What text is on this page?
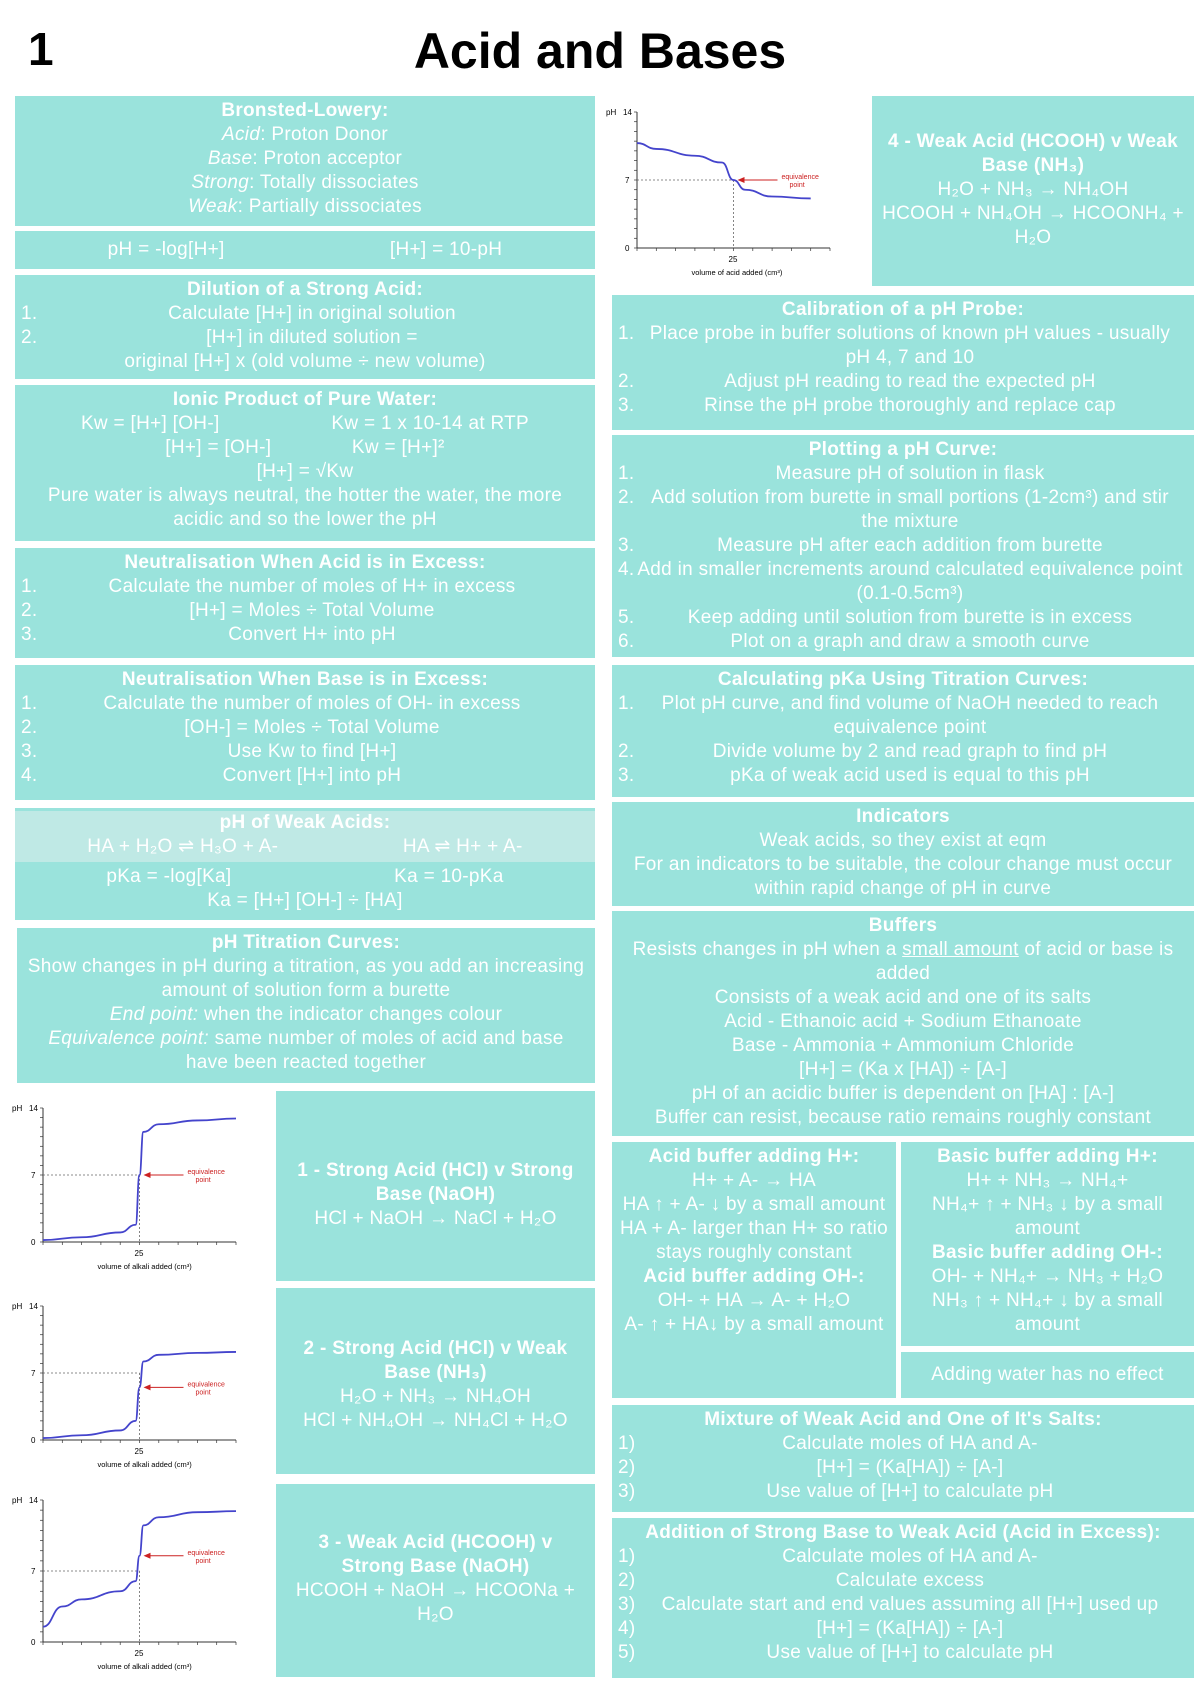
1	Acid and Bases
Bronsted-Lowery:
Acid: Proton Donor
Base: Proton acceptor
Strong: Totally dissociates
Weak: Partially dissociates
pH = -log[H+]	[H+] = 10-pH
Dilution of a Strong Acid:
1.	Calculate [H+] in original solution
2.	[H+] in diluted solution =
original [H+] x (old volume ÷ new volume)
Ionic Product of Pure Water:
Kw = [H+] [OH-]	Kw = 1 x 10-14 at RTP
[H+] = [OH-]	Kw = [H+]²
[H+] = √Kw
Pure water is always neutral, the hotter the water, the more acidic and so the lower the pH
Neutralisation When Acid is in Excess:
1.	Calculate the number of moles of H+ in excess
2.	[H+] = Moles ÷ Total Volume
3.	Convert H+ into pH
Neutralisation When Base is in Excess:
1.	Calculate the number of moles of OH- in excess
2.	[OH-] = Moles ÷ Total Volume
3.	Use Kw to find [H+]
4.	Convert [H+] into pH
pH of Weak Acids:
HA + H₂O ⇌ H₃O + A-	HA ⇌ H+ + A-
pKa = -log[Ka]	Ka = 10-pKa
Ka = [H+] [OH-] ÷ [HA]
pH Titration Curves:
Show changes in pH during a titration, as you add an increasing amount of solution form a burette
End point: when the indicator changes colour
Equivalence point: same number of moles of acid and base have been reacted together
pH 14
7
0
25
volume of alkali added (cm³)
equivalence
point
pH 14
7
0
25
volume of alkali added (cm³)
equivalence
point
pH 14
7
0
25
volume of alkali added (cm³)
equivalence
point
1 - Strong Acid (HCl) v Strong Base (NaOH)
HCl + NaOH → NaCl + H₂O
2 - Strong Acid (HCl) v Weak Base (NH₃)
H₂O + NH₃ → NH₄OH
HCl + NH₄OH → NH₄Cl + H₂O
3 - Weak Acid (HCOOH) v Strong Base (NaOH)
HCOOH + NaOH → HCOONa + H₂O
pH 14
7
0
25
volume of acid added (cm³)
equivalence
point
4 - Weak Acid (HCOOH) v Weak Base (NH₃)
H₂O + NH₃ → NH₄OH
HCOOH + NH₄OH → HCOONH₄ + H₂O
Calibration of a pH Probe:
1. Place probe in buffer solutions of known pH values - usually pH 4, 7 and 10
2.	Adjust pH reading to read the expected pH
3.	Rinse the pH probe thoroughly and replace cap
Plotting a pH Curve:
1.	Measure pH of solution in flask
2. Add solution from burette in small portions (1-2cm³) and stir the mixture
3.	Measure pH after each addition from burette
4. Add in smaller increments around calculated equivalence point (0.1-0.5cm³)
5.	Keep adding until solution from burette is in excess
6.	Plot on a graph and draw a smooth curve
Calculating pKa Using Titration Curves:
1.	Plot pH curve, and find volume of NaOH needed to reach equivalence point
2.	Divide volume by 2 and read graph to find pH
3.	pKa of weak acid used is equal to this pH
Indicators
Weak acids, so they exist at eqm
For an indicators to be suitable, the colour change must occur within rapid change of pH in curve
Buffers
Resists changes in pH when a small amount of acid or base is added
Consists of a weak acid and one of its salts
Acid - Ethanoic acid + Sodium Ethanoate
Base - Ammonia + Ammonium Chloride
[H+] = (Ka x [HA]) ÷ [A-]
pH of an acidic buffer is dependent on [HA] : [A-]
Buffer can resist, because ratio remains roughly constant
Acid buffer adding H+:
H+ + A- → HA
HA ↑ + A- ↓ by a small amount
HA + A- larger than H+ so ratio stays roughly constant
Acid buffer adding OH-:
OH- + HA → A- + H₂O
A- ↑ + HA↓ by a small amount
Basic buffer adding H+:
H+ + NH₃ → NH₄+
NH₄+ ↑ + NH₃ ↓ by a small amount
Basic buffer adding OH-:
OH- + NH₄+ → NH₃ + H₂O
NH₃ ↑ + NH₄+ ↓ by a small amount
Adding water has no effect
Mixture of Weak Acid and One of It's Salts:
1)	Calculate moles of HA and A-
2)	[H+] = (Ka[HA]) ÷ [A-]
3)	Use value of [H+] to calculate pH
Addition of Strong Base to Weak Acid (Acid in Excess):
1)	Calculate moles of HA and A-
2)	Calculate excess
3)	Calculate start and end values assuming all [H+] used up
4)	[H+] = (Ka[HA]) ÷ [A-]
5)	Use value of [H+] to calculate pH
